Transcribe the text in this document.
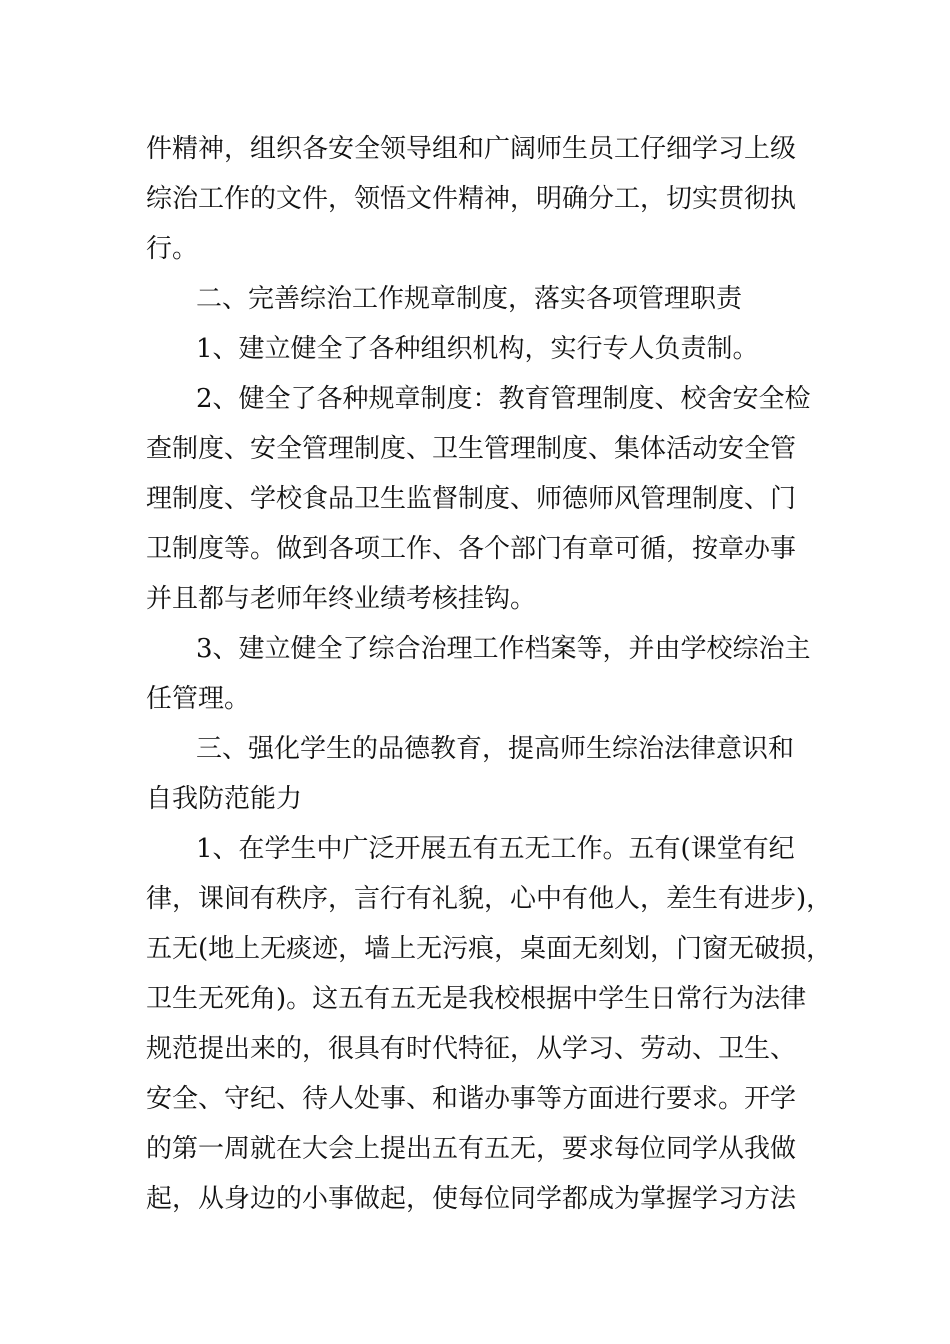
件精神，组织各安全领导组和广阔师生员工仔细学习上级
综治工作的文件，领悟文件精神，明确分工，切实贯彻执
行。
二、完善综治工作规章制度，落实各项管理职责
1、建立健全了各种组织机构，实行专人负责制。
2、健全了各种规章制度：教育管理制度、校舍安全检
查制度、安全管理制度、卫生管理制度、集体活动安全管
理制度、学校食品卫生监督制度、师德师风管理制度、门
卫制度等。做到各项工作、各个部门有章可循，按章办事
并且都与老师年终业绩考核挂钩。
3、建立健全了综合治理工作档案等，并由学校综治主
任管理。
三、强化学生的品德教育，提高师生综治法律意识和
自我防范能力
1、在学生中广泛开展五有五无工作。五有(课堂有纪
律，课间有秩序，言行有礼貌，心中有他人，差生有进步)，
五无(地上无痰迹，墙上无污痕，桌面无刻划，门窗无破损，
卫生无死角)。这五有五无是我校根据中学生日常行为法律
规范提出来的，很具有时代特征，从学习、劳动、卫生、
安全、守纪、待人处事、和谐办事等方面进行要求。开学
的第一周就在大会上提出五有五无，要求每位同学从我做
起，从身边的小事做起，使每位同学都成为掌握学习方法
